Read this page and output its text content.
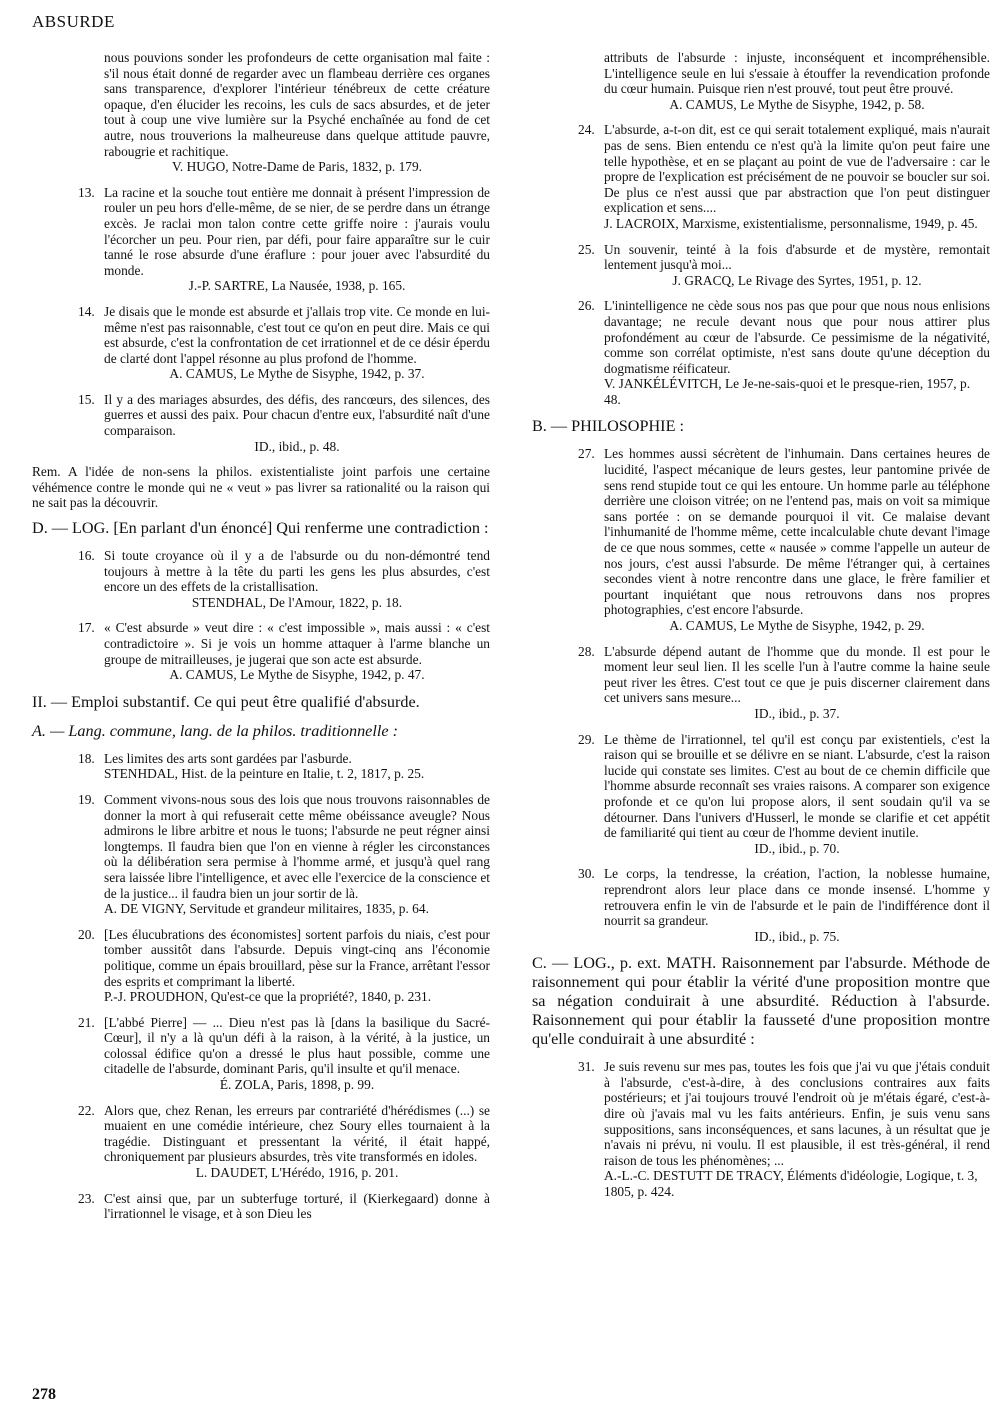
ABSURDE
nous pouvions sonder les profondeurs de cette organisation mal faite : s'il nous était donné de regarder avec un flambeau derrière ces organes sans transparence, d'explorer l'intérieur ténébreux de cette créature opaque, d'en élucider les recoins, les culs de sacs absurdes, et de jeter tout à coup une vive lumière sur la Psyché enchaînée au fond de cet autre, nous trouverions la malheureuse dans quelque attitude pauvre, rabougrie et rachitique.
V. HUGO, Notre-Dame de Paris, 1832, p. 179.
13. La racine et la souche tout entière me donnait à présent l'impression de rouler un peu hors d'elle-même, de se nier, de se perdre dans un étrange excès. Je raclai mon talon contre cette griffe noire : j'aurais voulu l'écorcher un peu. Pour rien, par défi, pour faire apparaître sur le cuir tanné le rose absurde d'une éraflure : pour jouer avec l'absurdité du monde.
J.-P. SARTRE, La Nausée, 1938, p. 165.
14. Je disais que le monde est absurde et j'allais trop vite. Ce monde en lui-même n'est pas raisonnable, c'est tout ce qu'on en peut dire. Mais ce qui est absurde, c'est la confrontation de cet irrationnel et de ce désir éperdu de clarté dont l'appel résonne au plus profond de l'homme.
A. CAMUS, Le Mythe de Sisyphe, 1942, p. 37.
15. Il y a des mariages absurdes, des défis, des rancœurs, des silences, des guerres et aussi des paix. Pour chacun d'entre eux, l'absurdité naît d'une comparaison.
ID., ibid., p. 48.
Rem. A l'idée de non-sens la philos. existentialiste joint parfois une certaine véhémence contre le monde qui ne « veut » pas livrer sa rationalité ou la raison qui ne sait pas la découvrir.
D. — LOG. [En parlant d'un énoncé] Qui renferme une contradiction :
16. Si toute croyance où il y a de l'absurde ou du non-démontré tend toujours à mettre à la tête du parti les gens les plus absurdes, c'est encore un des effets de la cristallisation.
STENDHAL, De l'Amour, 1822, p. 18.
17. « C'est absurde » veut dire : « c'est impossible », mais aussi : « c'est contradictoire ». Si je vois un homme attaquer à l'arme blanche un groupe de mitrailleuses, je jugerai que son acte est absurde.
A. CAMUS, Le Mythe de Sisyphe, 1942, p. 47.
II. — Emploi substantif. Ce qui peut être qualifié d'absurde.
A. — Lang. commune, lang. de la philos. traditionnelle :
18. Les limites des arts sont gardées par l'asburde.
STENHDAL, Hist. de la peinture en Italie, t. 2, 1817, p. 25.
19. Comment vivons-nous sous des lois que nous trouvons raisonnables de donner la mort à qui refuserait cette même obéissance aveugle? Nous admirons le libre arbitre et nous le tuons; l'absurde ne peut régner ainsi longtemps. Il faudra bien que l'on en vienne à régler les circonstances où la délibération sera permise à l'homme armé, et jusqu'à quel rang sera laissée libre l'intelligence, et avec elle l'exercice de la conscience et de la justice... il faudra bien un jour sortir de là.
A. DE VIGNY, Servitude et grandeur militaires, 1835, p. 64.
20. [Les élucubrations des économistes] sortent parfois du niais, c'est pour tomber aussitôt dans l'absurde. Depuis vingt-cinq ans l'économie politique, comme un épais brouillard, pèse sur la France, arrêtant l'essor des esprits et comprimant la liberté.
P.-J. PROUDHON, Qu'est-ce que la propriété?, 1840, p. 231.
21. [L'abbé Pierre] — ... Dieu n'est pas là [dans la basilique du Sacré-Cœur], il n'y a là qu'un défi à la raison, à la vérité, à la justice, un colossal édifice qu'on a dressé le plus haut possible, comme une citadelle de l'absurde, dominant Paris, qu'il insulte et qu'il menace.
É. ZOLA, Paris, 1898, p. 99.
22. Alors que, chez Renan, les erreurs par contrariété d'hérédismes (...) se muaient en une comédie intérieure, chez Soury elles tournaient à la tragédie. Distinguant et pressentant la vérité, il était happé, chroniquement par plusieurs absurdes, très vite transformés en idoles.
L. DAUDET, L'Hérédo, 1916, p. 201.
23. C'est ainsi que, par un subterfuge torturé, il (Kierkegaard) donne à l'irrationnel le visage, et à son Dieu les
attributs de l'absurde : injuste, inconséquent et incompréhensible. L'intelligence seule en lui s'essaie à étouffer la revendication profonde du cœur humain. Puisque rien n'est prouvé, tout peut être prouvé.
A. CAMUS, Le Mythe de Sisyphe, 1942, p. 58.
24. L'absurde, a-t-on dit, est ce qui serait totalement expliqué, mais n'aurait pas de sens. Bien entendu ce n'est qu'à la limite qu'on peut faire une telle hypothèse, et en se plaçant au point de vue de l'adversaire : car le propre de l'explication est précisément de ne pouvoir se boucler sur soi. De plus ce n'est aussi que par abstraction que l'on peut distinguer explication et sens....
J. LACROIX, Marxisme, existentialisme, personnalisme, 1949, p. 45.
25. Un souvenir, teinté à la fois d'absurde et de mystère, remontait lentement jusqu'à moi...
J. GRACQ, Le Rivage des Syrtes, 1951, p. 12.
26. L'inintelligence ne cède sous nos pas que pour que nous nous enlisions davantage; ne recule devant nous que pour nous attirer plus profondément au cœur de l'absurde. Ce pessimisme de la négativité, comme son corrélat optimiste, n'est sans doute qu'une déception du dogmatisme réificateur.
V. JANKÉLÉVITCH, Le Je-ne-sais-quoi et le presque-rien, 1957, p. 48.
B. — PHILOSOPHIE :
27. Les hommes aussi sécrètent de l'inhumain. Dans certaines heures de lucidité, l'aspect mécanique de leurs gestes, leur pantomine privée de sens rend stupide tout ce qui les entoure. Un homme parle au téléphone derrière une cloison vitrée; on ne l'entend pas, mais on voit sa mimique sans portée : on se demande pourquoi il vit. Ce malaise devant l'inhumanité de l'homme même, cette incalculable chute devant l'image de ce que nous sommes, cette « nausée » comme l'appelle un auteur de nos jours, c'est aussi l'absurde. De même l'étranger qui, à certaines secondes vient à notre rencontre dans une glace, le frère familier et pourtant inquiétant que nous retrouvons dans nos propres photographies, c'est encore l'absurde.
A. CAMUS, Le Mythe de Sisyphe, 1942, p. 29.
28. L'absurde dépend autant de l'homme que du monde. Il est pour le moment leur seul lien. Il les scelle l'un à l'autre comme la haine seule peut river les êtres. C'est tout ce que je puis discerner clairement dans cet univers sans mesure...
ID., ibid., p. 37.
29. Le thème de l'irrationnel, tel qu'il est conçu par existentiels, c'est la raison qui se brouille et se délivre en se niant. L'absurde, c'est la raison lucide qui constate ses limites. C'est au bout de ce chemin difficile que l'homme absurde reconnaît ses vraies raisons. A comparer son exigence profonde et ce qu'on lui propose alors, il sent soudain qu'il va se détourner. Dans l'univers d'Husserl, le monde se clarifie et cet appétit de familiarité qui tient au cœur de l'homme devient inutile.
ID., ibid., p. 70.
30. Le corps, la tendresse, la création, l'action, la noblesse humaine, reprendront alors leur place dans ce monde insensé. L'homme y retrouvera enfin le vin de l'absurde et le pain de l'indifférence dont il nourrit sa grandeur.
ID., ibid., p. 75.
C. — LOG., p. ext. MATH. Raisonnement par l'absurde. Méthode de raisonnement qui pour établir la vérité d'une proposition montre que sa négation conduirait à une absurdité. Réduction à l'absurde. Raisonnement qui pour établir la fausseté d'une proposition montre qu'elle conduirait à une absurdité :
31. Je suis revenu sur mes pas, toutes les fois que j'ai vu que j'étais conduit à l'absurde, c'est-à-dire, à des conclusions contraires aux faits postérieurs; et j'ai toujours trouvé l'endroit où je m'étais égaré, c'est-à-dire où j'avais mal vu les faits antérieurs. Enfin, je suis venu sans suppositions, sans inconséquences, et sans lacunes, à un résultat que je n'avais ni prévu, ni voulu. Il est plausible, il est très-général, il rend raison de tous les phénomènes; ...
A.-L.-C. DESTUTT DE TRACY, Éléments d'idéologie, Logique, t. 3, 1805, p. 424.
278
